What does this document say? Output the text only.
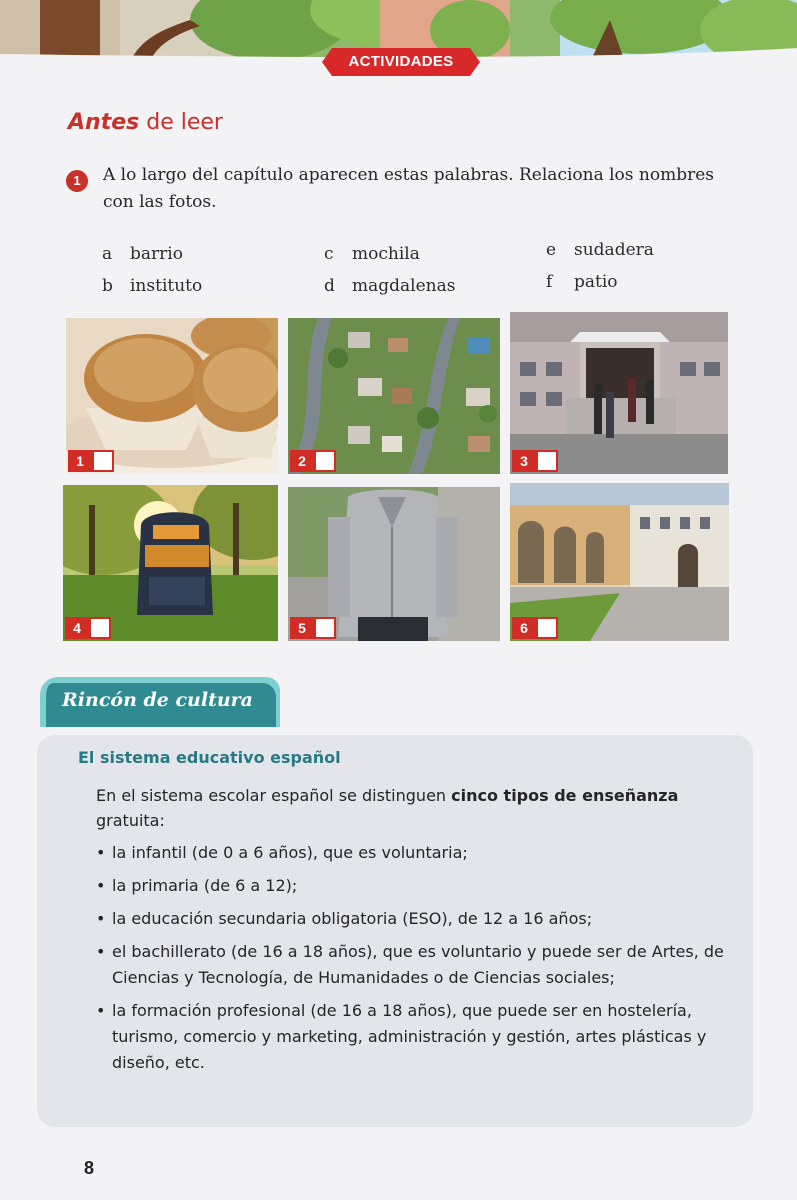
ACTIVIDADES
Antes de leer
1	A lo largo del capítulo aparecen estas palabras. Relaciona los nombres con las fotos.
a barrio
b instituto
c mochila
d magdalenas
e sudadera
f patio
1	2	3
4	5	6
Rincón de cultura
El sistema educativo español
En el sistema escolar español se distinguen cinco tipos de enseñanza gratuita:
• la infantil (de 0 a 6 años), que es voluntaria;
• la primaria (de 6 a 12);
• la educación secundaria obligatoria (ESO), de 12 a 16 años;
• el bachillerato (de 16 a 18 años), que es voluntario y puede ser de Artes, de Ciencias y Tecnología, de Humanidades o de Ciencias sociales;
• la formación profesional (de 16 a 18 años), que puede ser en hostelería, turismo, comercio y marketing, administración y gestión, artes plásticas y diseño, etc.
8
